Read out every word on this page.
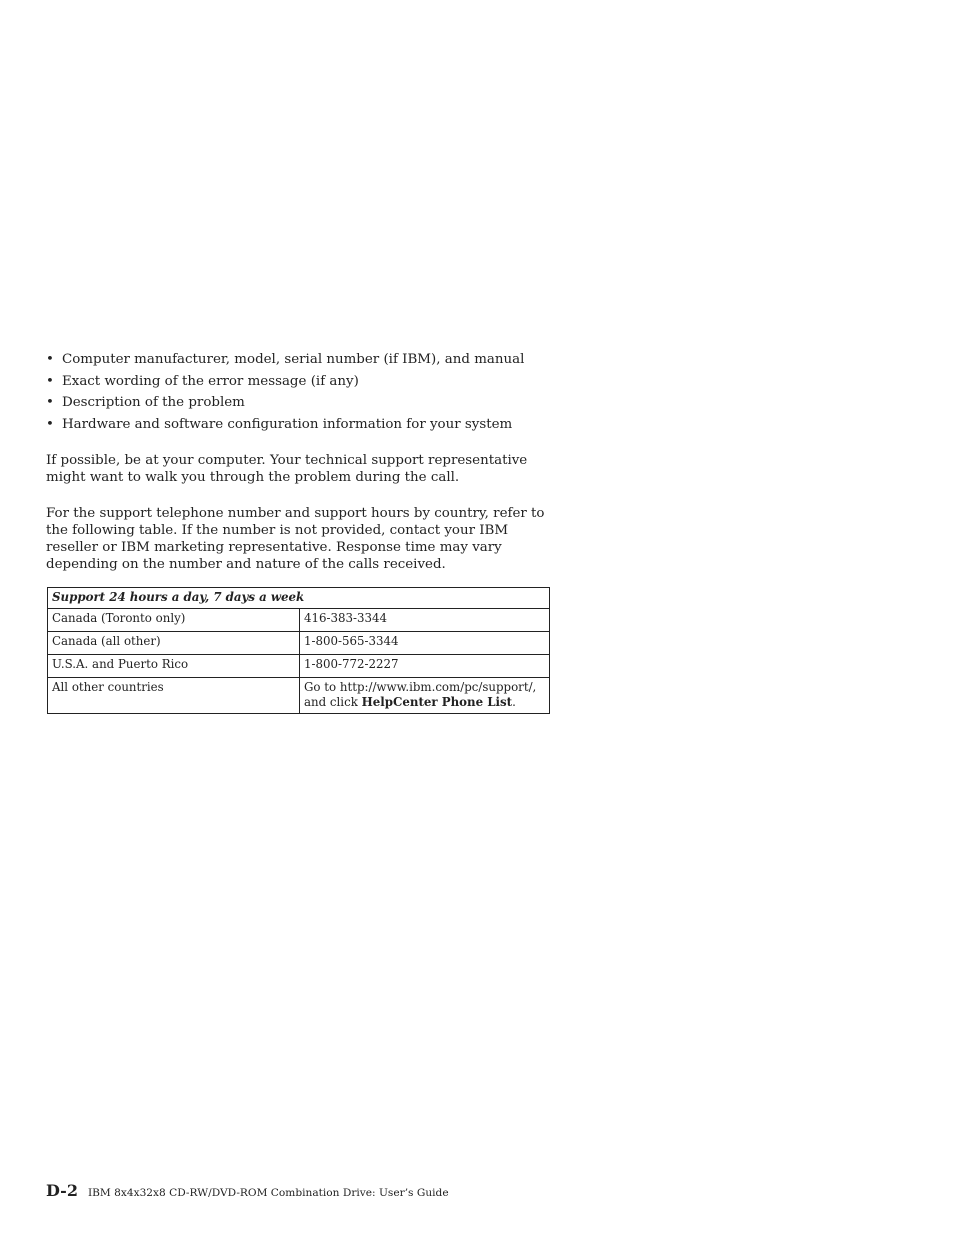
• Computer manufacturer, model, serial number (if IBM), and manual
• Exact wording of the error message (if any)
• Description of the problem
• Hardware and software configuration information for your system

If possible, be at your computer. Your technical support representative might want to walk you through the problem during the call.

For the support telephone number and support hours by country, refer to the following table. If the number is not provided, contact your IBM reseller or IBM marketing representative. Response time may vary depending on the number and nature of the calls received.

Support 24 hours a day, 7 days a week	
Canada (Toronto only)	416-383-3344
Canada (all other)	1-800-565-3344
U.S.A. and Puerto Rico	1-800-772-2227
All other countries	Go to http://www.ibm.com/pc/support/, and click HelpCenter Phone List.
D-2 IBM 8x4x32x8 CD-RW/DVD-ROM Combination Drive: User’s Guide
